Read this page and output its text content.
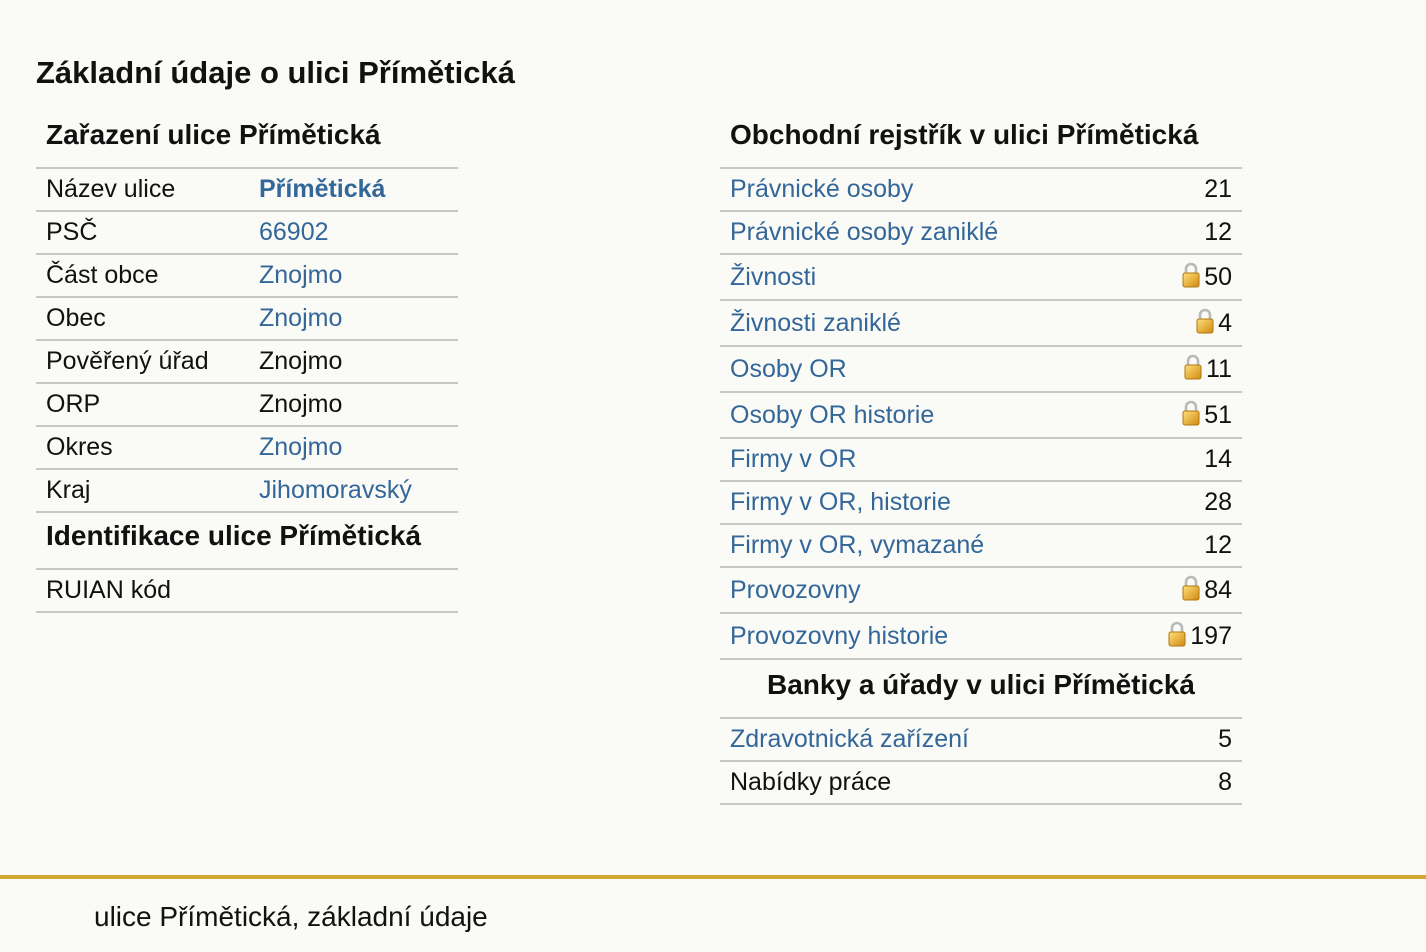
Základní údaje o ulici Přímětická
Zařazení ulice Přímětická
Název ulice	Přímětická
PSČ	66902
Část obce	Znojmo
Obec	Znojmo
Pověřený úřad	Znojmo
ORP	Znojmo
Okres	Znojmo
Kraj	Jihomoravský
Identifikace ulice Přímětická
RUIAN kód
Obchodní rejstřík v ulici Přímětická
Právnické osoby	21
Právnické osoby zaniklé	12
Živnosti	50
Živnosti zaniklé	4
Osoby OR	11
Osoby OR historie	51
Firmy v OR	14
Firmy v OR, historie	28
Firmy v OR, vymazané	12
Provozovny	84
Provozovny historie	197
Banky a úřady v ulici Přímětická
Zdravotnická zařízení	5
Nabídky práce	8
ulice Přímětická, základní údaje
